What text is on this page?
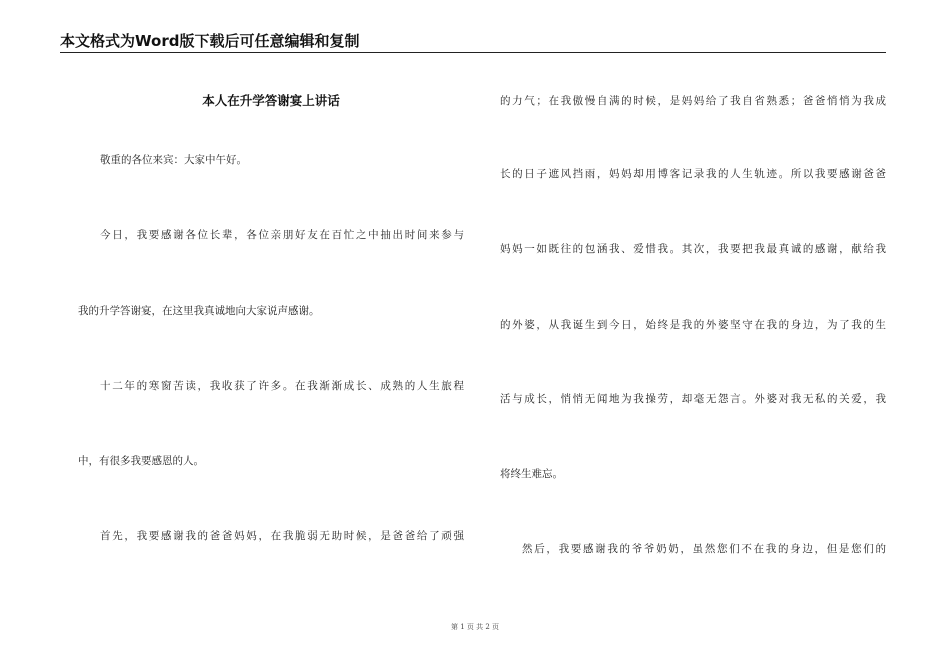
本文格式为Word版下载后可任意编辑和复制
本人在升学答谢宴上讲话
敬重的各位来宾：大家中午好。
今日，我要感谢各位长辈，各位亲朋好友在百忙之中抽出时间来参与
我的升学答谢宴，在这里我真诚地向大家说声感谢。
十二年的寒窗苦读，我收获了许多。在我渐渐成长、成熟的人生旅程
中，有很多我要感恩的人。
首先，我要感谢我的爸爸妈妈，在我脆弱无助时候，是爸爸给了顽强
的力气；在我傲慢自满的时候，是妈妈给了我自省熟悉；爸爸悄悄为我成
长的日子遮风挡雨，妈妈却用博客记录我的人生轨迹。所以我要感谢爸爸
妈妈一如既往的包涵我、爱惜我。其次，我要把我最真诚的感谢，献给我
的外婆，从我诞生到今日，始终是我的外婆坚守在我的身边，为了我的生
活与成长，悄悄无闻地为我操劳，却毫无怨言。外婆对我无私的关爱，我
将终生难忘。
然后，我要感谢我的爷爷奶奶，虽然您们不在我的身边，但是您们的
第 1 页 共 2 页
